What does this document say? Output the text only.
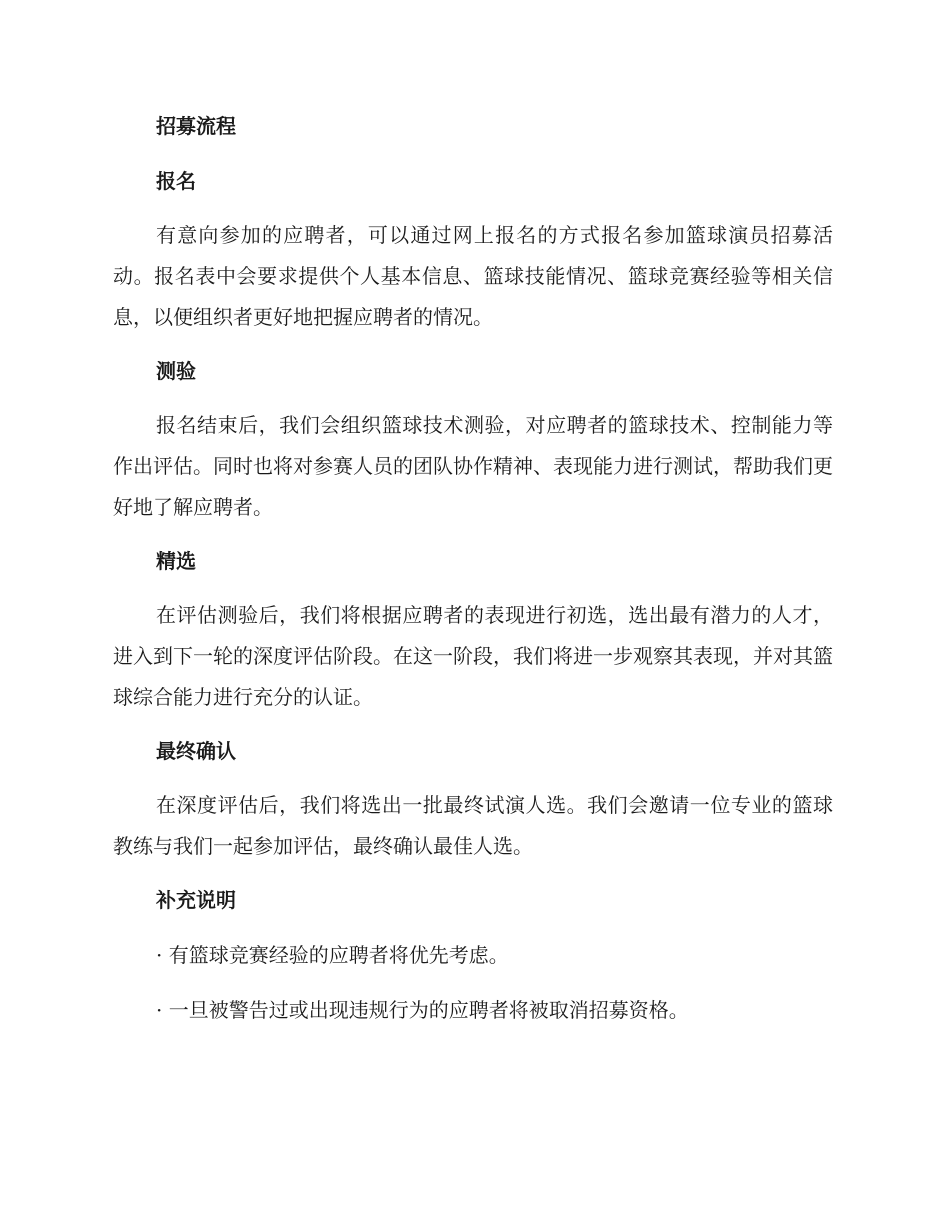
招募流程
报名
有意向参加的应聘者，可以通过网上报名的方式报名参加篮球演员招募活动。报名表中会要求提供个人基本信息、篮球技能情况、篮球竞赛经验等相关信息，以便组织者更好地把握应聘者的情况。
测验
报名结束后，我们会组织篮球技术测验，对应聘者的篮球技术、控制能力等作出评估。同时也将对参赛人员的团队协作精神、表现能力进行测试，帮助我们更好地了解应聘者。
精选
在评估测验后，我们将根据应聘者的表现进行初选，选出最有潜力的人才，进入到下一轮的深度评估阶段。在这一阶段，我们将进一步观察其表现，并对其篮球综合能力进行充分的认证。
最终确认
在深度评估后，我们将选出一批最终试演人选。我们会邀请一位专业的篮球教练与我们一起参加评估，最终确认最佳人选。
补充说明
· 有篮球竞赛经验的应聘者将优先考虑。
· 一旦被警告过或出现违规行为的应聘者将被取消招募资格。
